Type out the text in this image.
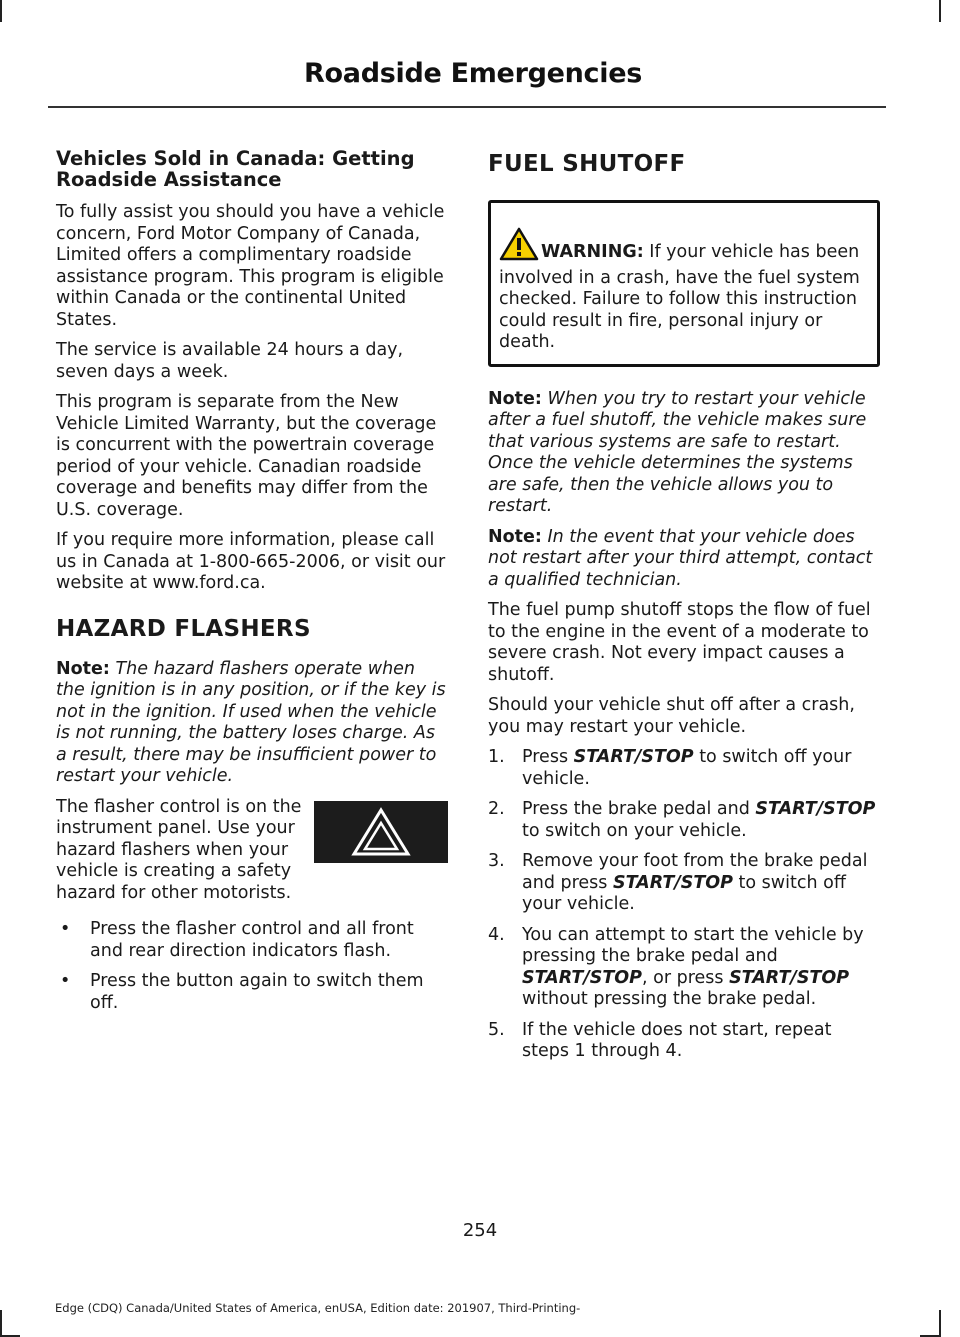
Roadside Emergencies
Vehicles Sold in Canada: Getting Roadside Assistance

To fully assist you should you have a vehicle concern, Ford Motor Company of Canada, Limited offers a complimentary roadside assistance program. This program is eligible within Canada or the continental United States.

The service is available 24 hours a day, seven days a week.

This program is separate from the New Vehicle Limited Warranty, but the coverage is concurrent with the powertrain coverage period of your vehicle. Canadian roadside coverage and benefits may differ from the U.S. coverage.

If you require more information, please call us in Canada at 1-800-665-2006, or visit our website at www.ford.ca.

HAZARD FLASHERS

Note: The hazard flashers operate when the ignition is in any position, or if the key is not in the ignition. If used when the vehicle is not running, the battery loses charge. As a result, there may be insufficient power to restart your vehicle.

The flasher control is on the instrument panel. Use your hazard flashers when your vehicle is creating a safety hazard for other motorists.

• Press the flasher control and all front and rear direction indicators flash.
• Press the button again to switch them off.
FUEL SHUTOFF
WARNING: If your vehicle has been involved in a crash, have the fuel system checked. Failure to follow this instruction could result in fire, personal injury or death.

Note: When you try to restart your vehicle after a fuel shutoff, the vehicle makes sure that various systems are safe to restart. Once the vehicle determines the systems are safe, then the vehicle allows you to restart.

Note: In the event that your vehicle does not restart after your third attempt, contact a qualified technician.

The fuel pump shutoff stops the flow of fuel to the engine in the event of a moderate to severe crash. Not every impact causes a shutoff.

Should your vehicle shut off after a crash, you may restart your vehicle.

1. Press START/STOP to switch off your vehicle.
2. Press the brake pedal and START/STOP to switch on your vehicle.
3. Remove your foot from the brake pedal and press START/STOP to switch off your vehicle.
4. You can attempt to start the vehicle by pressing the brake pedal and START/STOP, or press START/STOP without pressing the brake pedal.
5. If the vehicle does not start, repeat steps 1 through 4.
254
Edge (CDQ) Canada/United States of America, enUSA, Edition date: 201907, Third-Printing-
